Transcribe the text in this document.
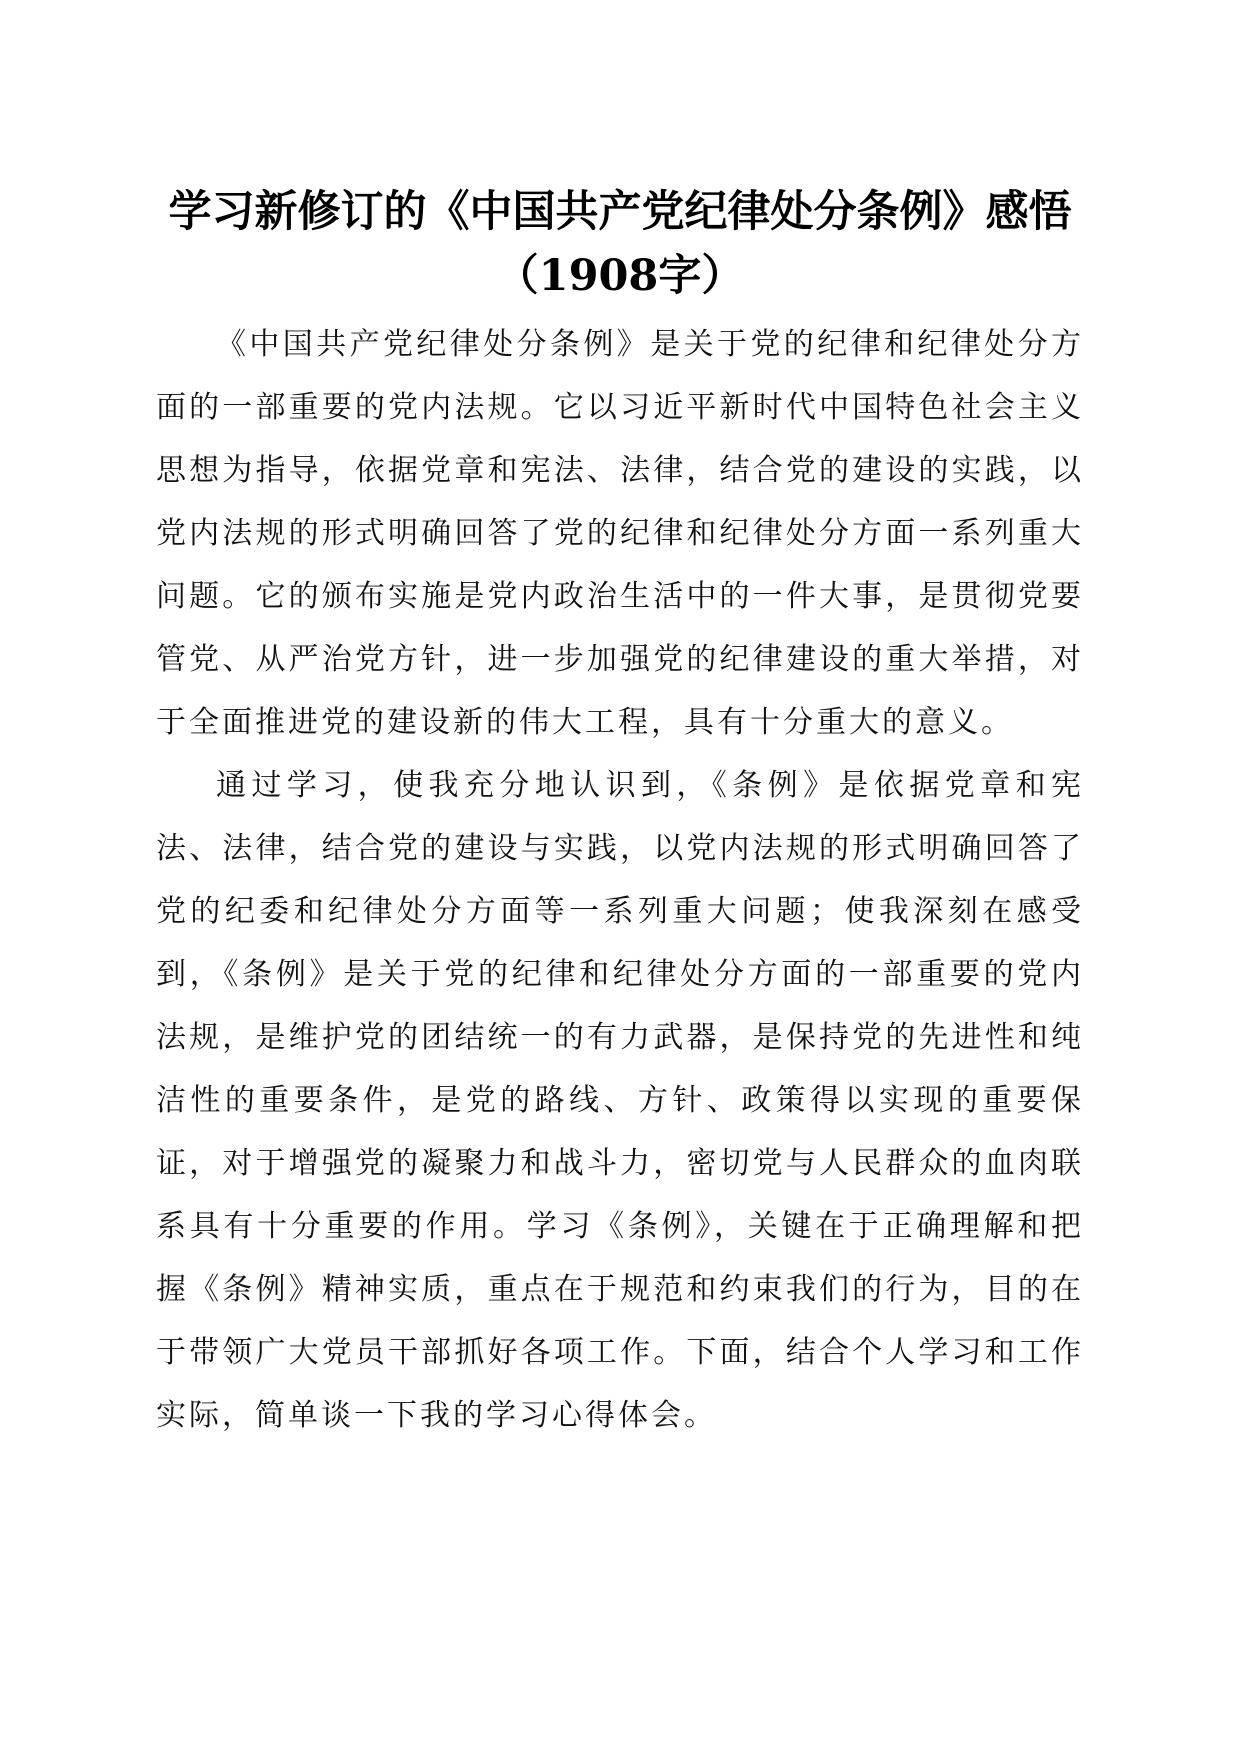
学习新修订的《中国共产党纪律处分条例》感悟（1908字）

《中国共产党纪律处分条例》是关于党的纪律和纪律处分方面的一部重要的党内法规。它以习近平新时代中国特色社会主义思想为指导，依据党章和宪法、法律，结合党的建设的实践，以党内法规的形式明确回答了党的纪律和纪律处分方面一系列重大问题。它的颁布实施是党内政治生活中的一件大事，是贯彻党要管党、从严治党方针，进一步加强党的纪律建设的重大举措，对于全面推进党的建设新的伟大工程，具有十分重大的意义。

通过学习，使我充分地认识到，《条例》是依据党章和宪法、法律，结合党的建设与实践，以党内法规的形式明确回答了党的纪委和纪律处分方面等一系列重大问题；使我深刻在感受到，《条例》是关于党的纪律和纪律处分方面的一部重要的党内法规，是维护党的团结统一的有力武器，是保持党的先进性和纯洁性的重要条件，是党的路线、方针、政策得以实现的重要保证，对于增强党的凝聚力和战斗力，密切党与人民群众的血肉联系具有十分重要的作用。学习《条例》，关键在于正确理解和把握《条例》精神实质，重点在于规范和约束我们的行为，目的在于带领广大党员干部抓好各项工作。下面，结合个人学习和工作实际，简单谈一下我的学习心得体会。
